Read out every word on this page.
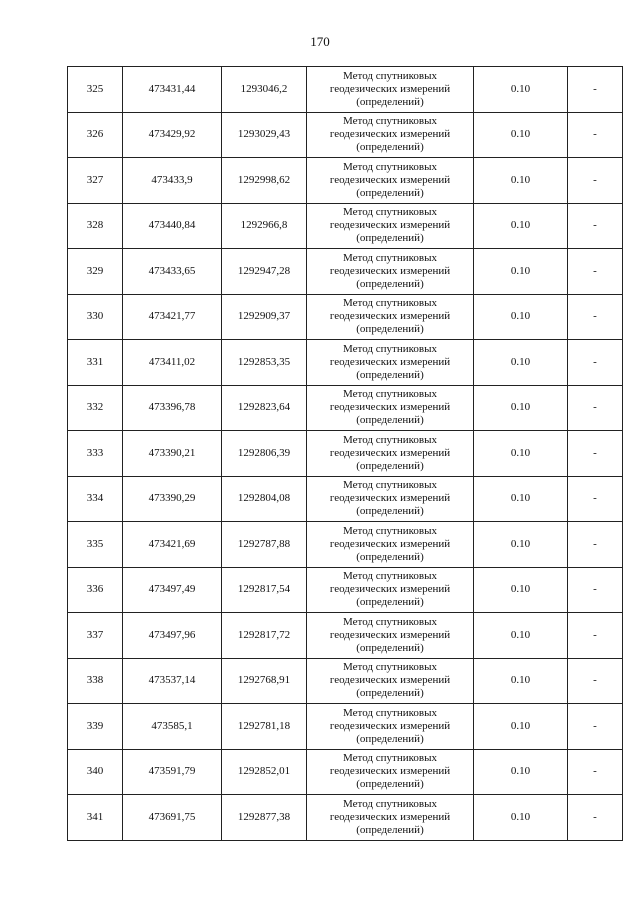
170
325	473431,44	1293046,2	Метод спутниковых
геодезических измерений
(определений)	0.10	-
326	473429,92	1293029,43	Метод спутниковых
геодезических измерений
(определений)	0.10	-
327	473433,9	1292998,62	Метод спутниковых
геодезических измерений
(определений)	0.10	-
328	473440,84	1292966,8	Метод спутниковых
геодезических измерений
(определений)	0.10	-
329	473433,65	1292947,28	Метод спутниковых
геодезических измерений
(определений)	0.10	-
330	473421,77	1292909,37	Метод спутниковых
геодезических измерений
(определений)	0.10	-
331	473411,02	1292853,35	Метод спутниковых
геодезических измерений
(определений)	0.10	-
332	473396,78	1292823,64	Метод спутниковых
геодезических измерений
(определений)	0.10	-
333	473390,21	1292806,39	Метод спутниковых
геодезических измерений
(определений)	0.10	-
334	473390,29	1292804,08	Метод спутниковых
геодезических измерений
(определений)	0.10	-
335	473421,69	1292787,88	Метод спутниковых
геодезических измерений
(определений)	0.10	-
336	473497,49	1292817,54	Метод спутниковых
геодезических измерений
(определений)	0.10	-
337	473497,96	1292817,72	Метод спутниковых
геодезических измерений
(определений)	0.10	-
338	473537,14	1292768,91	Метод спутниковых
геодезических измерений
(определений)	0.10	-
339	473585,1	1292781,18	Метод спутниковых
геодезических измерений
(определений)	0.10	-
340	473591,79	1292852,01	Метод спутниковых
геодезических измерений
(определений)	0.10	-
341	473691,75	1292877,38	Метод спутниковых
геодезических измерений
(определений)	0.10	-
